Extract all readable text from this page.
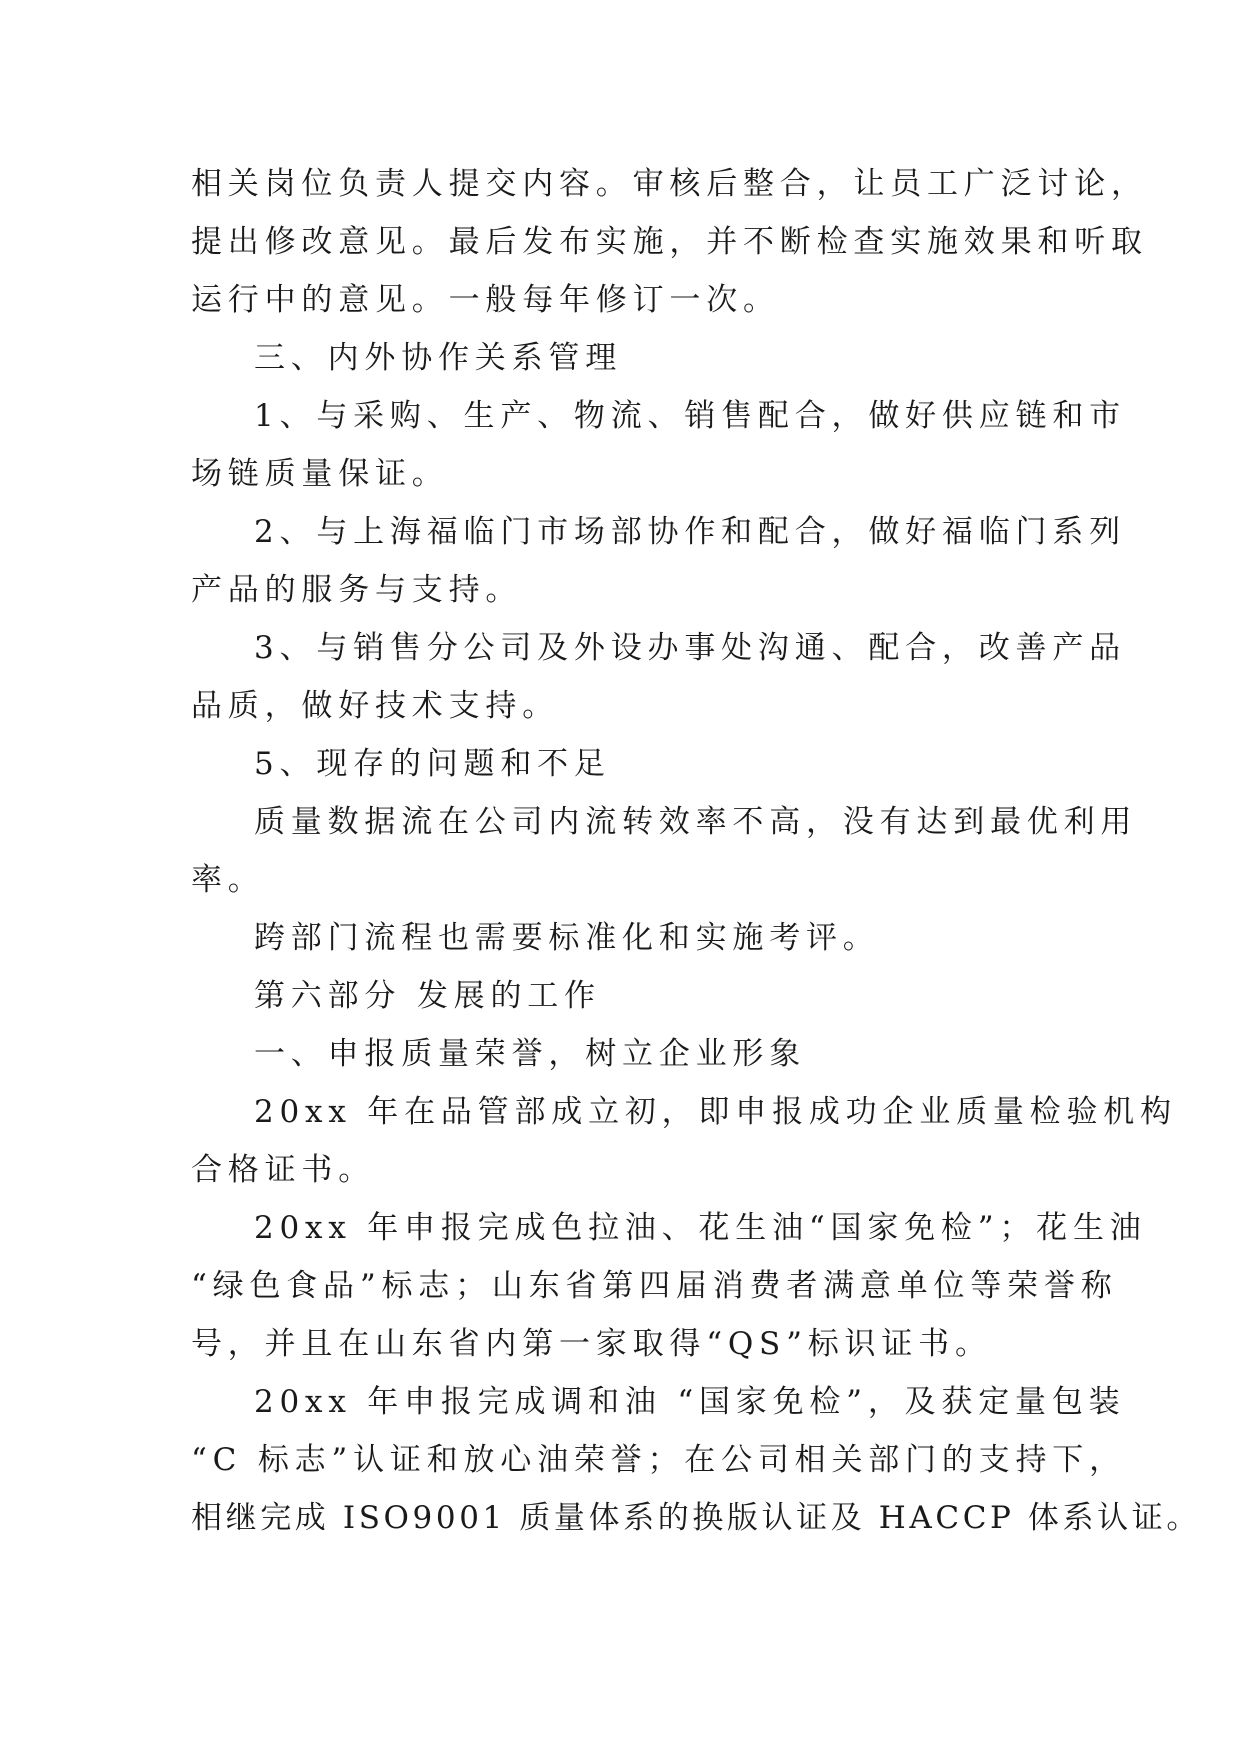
相关岗位负责人提交内容。审核后整合，让员工广泛讨论，

提出修改意见。最后发布实施，并不断检查实施效果和听取

运行中的意见。一般每年修订一次。

三、内外协作关系管理

1、与采购、生产、物流、销售配合，做好供应链和市

场链质量保证。

2、与上海福临门市场部协作和配合，做好福临门系列

产品的服务与支持。

3、与销售分公司及外设办事处沟通、配合，改善产品

品质，做好技术支持。

5、现存的问题和不足

质量数据流在公司内流转效率不高，没有达到最优利用

率。

跨部门流程也需要标准化和实施考评。

第六部分 发展的工作

一、申报质量荣誉，树立企业形象

20xx 年在品管部成立初，即申报成功企业质量检验机构

合格证书。

20xx 年申报完成色拉油、花生油“国家免检”；花生油

“绿色食品”标志；山东省第四届消费者满意单位等荣誉称

号，并且在山东省内第一家取得“QS”标识证书。

20xx 年申报完成调和油 “国家免检”，及获定量包装

“C 标志”认证和放心油荣誉；在公司相关部门的支持下，

相继完成 ISO9001 质量体系的换版认证及 HACCP 体系认证。
